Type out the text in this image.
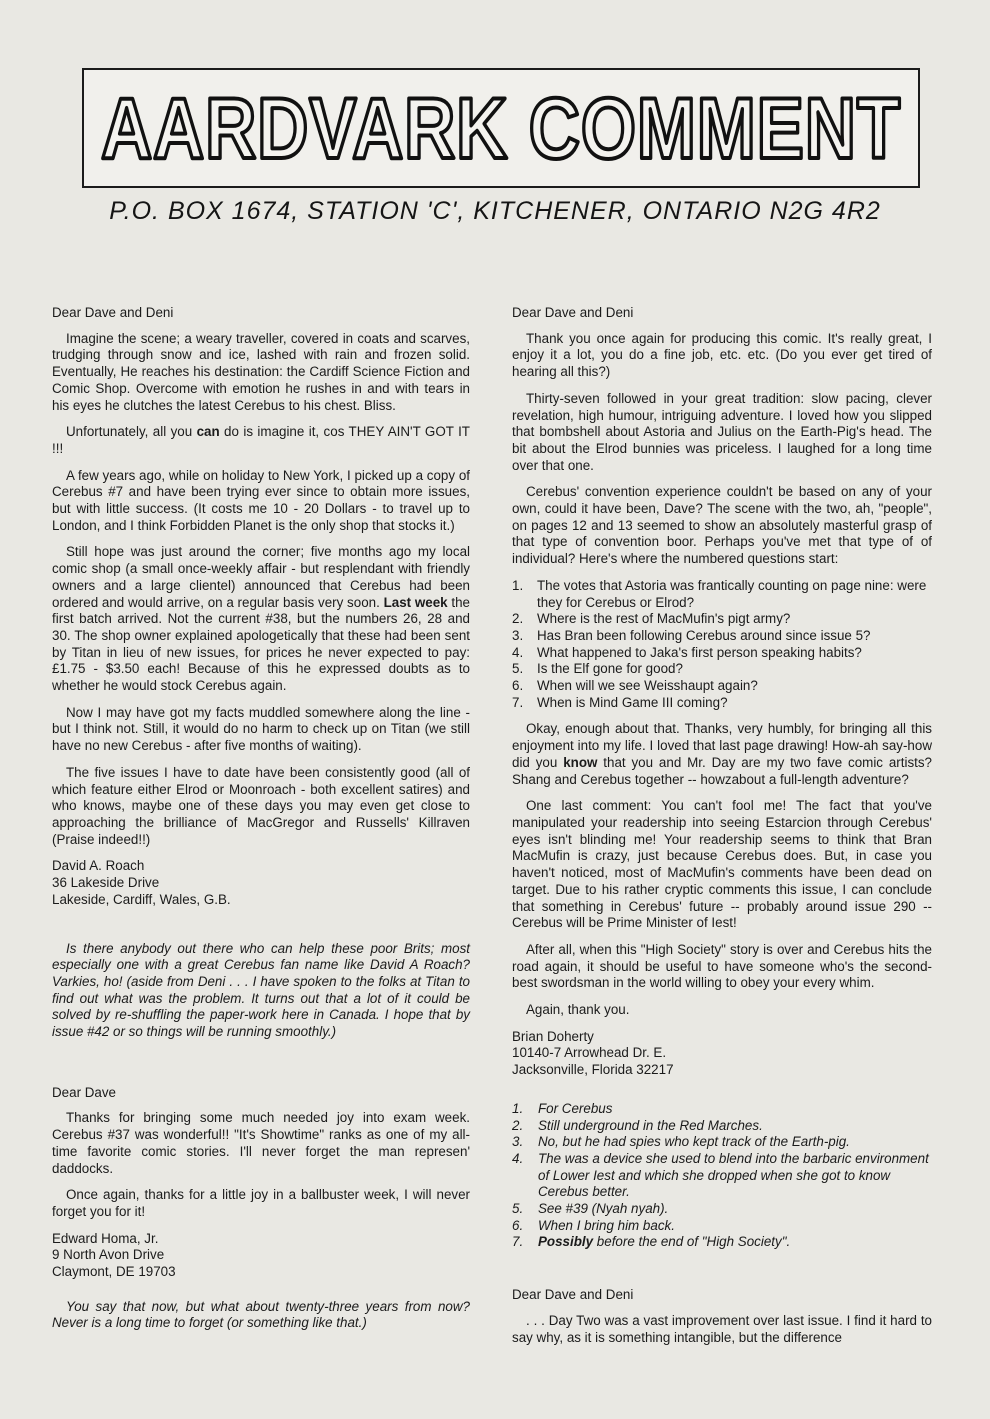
AARDVARK COMMENT
P.O. BOX 1674, STATION 'C', KITCHENER, ONTARIO N2G 4R2
Dear Dave and Deni

Imagine the scene; a weary traveller, covered in coats and scarves, trudging through snow and ice, lashed with rain and frozen solid. Eventually, He reaches his destination: the Cardiff Science Fiction and Comic Shop. Overcome with emotion he rushes in and with tears in his eyes he clutches the latest Cerebus to his chest. Bliss.

Unfortunately, all you can do is imagine it, cos THEY AIN'T GOT IT !!!

A few years ago, while on holiday to New York, I picked up a copy of Cerebus #7 and have been trying ever since to obtain more issues, but with little success. (It costs me 10 - 20 Dollars - to travel up to London, and I think Forbidden Planet is the only shop that stocks it.)

Still hope was just around the corner; five months ago my local comic shop (a small once-weekly affair - but resplendant with friendly owners and a large clientel) announced that Cerebus had been ordered and would arrive, on a regular basis very soon. Last week the first batch arrived. Not the current #38, but the numbers 26, 28 and 30. The shop owner explained apologetically that these had been sent by Titan in lieu of new issues, for prices he never expected to pay: £1.75 - $3.50 each! Because of this he expressed doubts as to whether he would stock Cerebus again.

Now I may have got my facts muddled somewhere along the line - but I think not. Still, it would do no harm to check up on Titan (we still have no new Cerebus - after five months of waiting).

The five issues I have to date have been consistently good (all of which feature either Elrod or Moonroach - both excellent satires) and who knows, maybe one of these days you may even get close to approaching the brilliance of MacGregor and Russells' Killraven (Praise indeed!!)

David A. Roach
36 Lakeside Drive
Lakeside, Cardiff, Wales, G.B.

Is there anybody out there who can help these poor Brits; most especially one with a great Cerebus fan name like David A Roach? Varkies, ho! (aside from Deni . . . I have spoken to the folks at Titan to find out what was the problem. It turns out that a lot of it could be solved by re-shuffling the paper-work here in Canada. I hope that by issue #42 or so things will be running smoothly.)

Dear Dave

Thanks for bringing some much needed joy into exam week. Cerebus #37 was wonderful!! "It's Showtime" ranks as one of my all-time favorite comic stories. I'll never forget the man represen' daddocks.

Once again, thanks for a little joy in a ballbuster week, I will never forget you for it!

Edward Homa, Jr.
9 North Avon Drive
Claymont, DE 19703

You say that now, but what about twenty-three years from now? Never is a long time to forget (or something like that.)

Dear Dave and Deni

Thank you once again for producing this comic. It's really great, I enjoy it a lot, you do a fine job, etc. etc. (Do you ever get tired of hearing all this?)

Thirty-seven followed in your great tradition: slow pacing, clever revelation, high humour, intriguing adventure. I loved how you slipped that bombshell about Astoria and Julius on the Earth-Pig's head. The bit about the Elrod bunnies was priceless. I laughed for a long time over that one.

Cerebus' convention experience couldn't be based on any of your own, could it have been, Dave? The scene with the two, ah, "people", on pages 12 and 13 seemed to show an absolutely masterful grasp of that type of convention boor. Perhaps you've met that type of of individual? Here's where the numbered questions start:

1.	The votes that Astoria was frantically counting on page nine: were they for Cerebus or Elrod?
2.	Where is the rest of MacMufin's pigt army?
3.	Has Bran been following Cerebus around since issue 5?
4.	What happened to Jaka's first person speaking habits?
5.	Is the Elf gone for good?
6.	When will we see Weisshaupt again?
7.	When is Mind Game III coming?

Okay, enough about that. Thanks, very humbly, for bringing all this enjoyment into my life. I loved that last page drawing! How-ah say-how did you know that you and Mr. Day are my two fave comic artists? Shang and Cerebus together -- howzabout a full-length adventure?

One last comment: You can't fool me! The fact that you've manipulated your readership into seeing Estarcion through Cerebus' eyes isn't blinding me! Your readership seems to think that Bran MacMufin is crazy, just because Cerebus does. But, in case you haven't noticed, most of MacMufin's comments have been dead on target. Due to his rather cryptic comments this issue, I can conclude that something in Cerebus' future -- probably around issue 290 -- Cerebus will be Prime Minister of Iest!

After all, when this "High Society" story is over and Cerebus hits the road again, it should be useful to have someone who's the second-best swordsman in the world willing to obey your every whim.

Again, thank you.

Brian Doherty
10140-7 Arrowhead Dr. E.
Jacksonville, Florida 32217
1.	For Cerebus
2.	Still underground in the Red Marches.
3.	No, but he had spies who kept track of the Earth-pig.
4.	The was a device she used to blend into the barbaric environment of Lower Iest and which she dropped when she got to know Cerebus better.
5.	See #39 (Nyah nyah).
6.	When I bring him back.
7.	Possibly before the end of "High Society".
Dear Dave and Deni

. . . Day Two was a vast improvement over last issue. I find it hard to say why, as it is something intangible, but the difference
